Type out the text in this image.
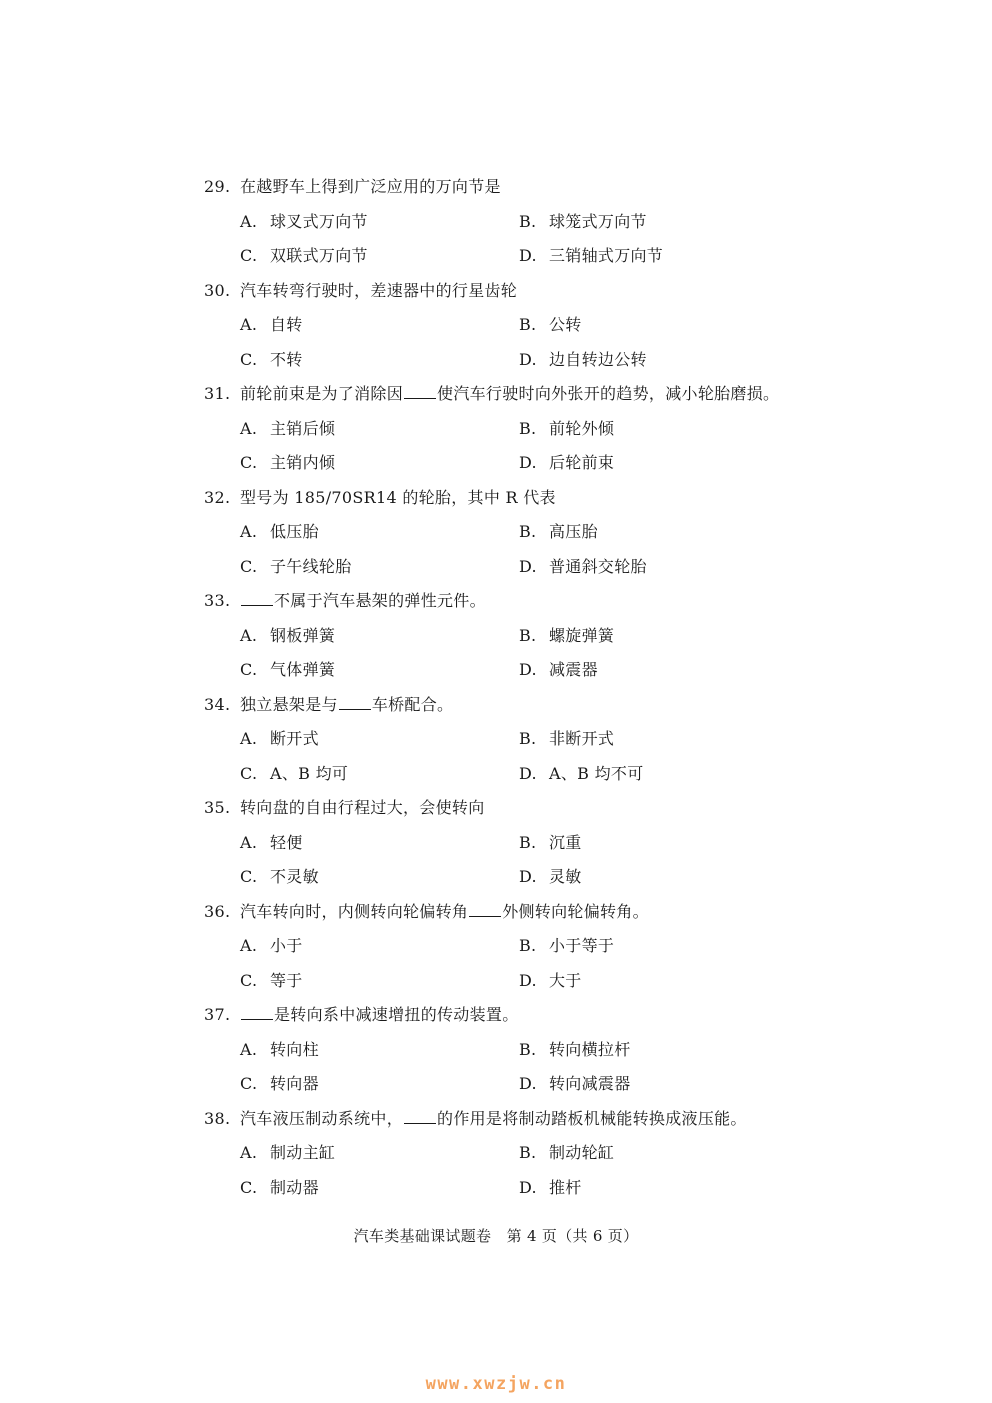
29. 在越野车上得到广泛应用的万向节是
A. 球叉式万向节	B. 球笼式万向节
C. 双联式万向节	D. 三销轴式万向节
30. 汽车转弯行驶时，差速器中的行星齿轮
A. 自转	B. 公转
C. 不转	D. 边自转边公转
31. 前轮前束是为了消除因 使汽车行驶时向外张开的趋势，减小轮胎磨损。
A. 主销后倾	B. 前轮外倾
C. 主销内倾	D. 后轮前束
32. 型号为 185/70SR14 的轮胎，其中 R 代表
A. 低压胎	B. 高压胎
C. 子午线轮胎	D. 普通斜交轮胎
33.	不属于汽车悬架的弹性元件。
A. 钢板弹簧	B. 螺旋弹簧
C. 气体弹簧	D. 减震器
34. 独立悬架是与 车桥配合。
A. 断开式	B. 非断开式
C. A、B 均可	D. A、B 均不可
35. 转向盘的自由行程过大，会使转向
A. 轻便	B. 沉重
C. 不灵敏	D. 灵敏
36. 汽车转向时，内侧转向轮偏转角 外侧转向轮偏转角。
A. 小于	B. 小于等于
C. 等于	D. 大于
37.	是转向系中减速增扭的传动装置。
A. 转向柱	B. 转向横拉杆
C. 转向器	D. 转向减震器
38. 汽车液压制动系统中， 的作用是将制动踏板机械能转换成液压能。
A. 制动主缸	B. 制动轮缸
C. 制动器	D. 推杆
汽车类基础课试题卷　第 4 页（共 6 页）
www.xwzjw.cn
